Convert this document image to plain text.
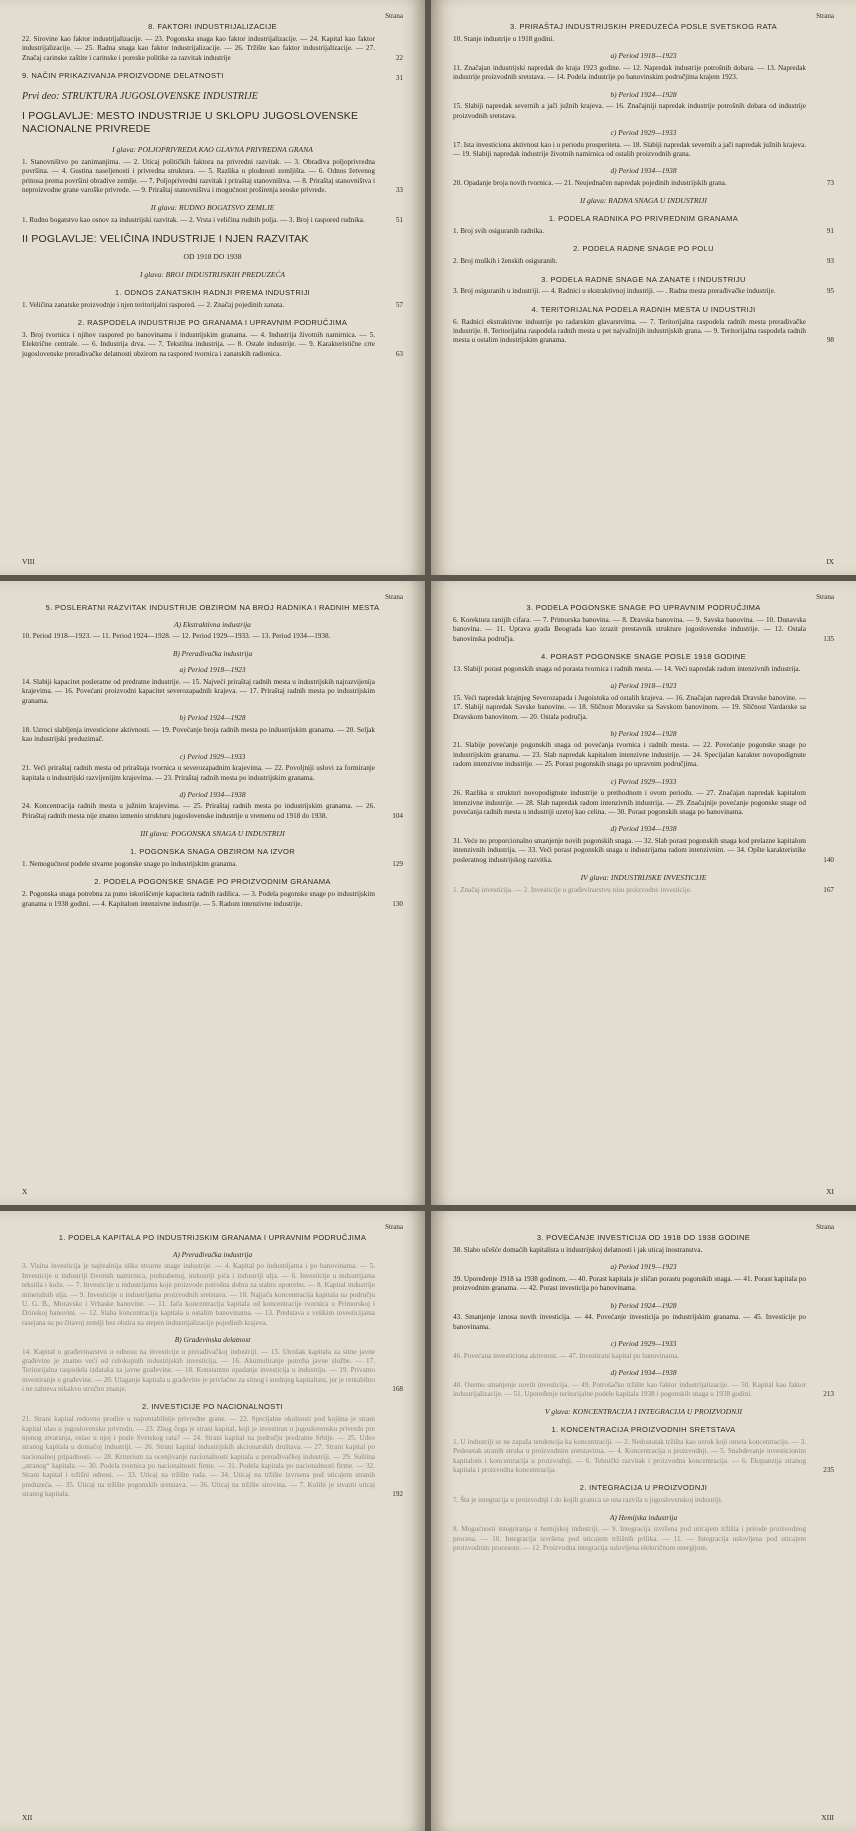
Strana
8. FAKTORI INDUSTRIJALIZACIJE
22. Sirovine kao faktor industrijalizacije. — 23. Pogonska snaga kao faktor industrijalizacije. — 24. Kapital kao faktor industrijalizacije. — 25. Radna snaga kao faktor industrijalizacije. — 26. Tržište kao faktor industrijalizacije. — 27. Značaj carinske zaštite i carinske i poreske politike za razvitak industrije	22
9. NAČIN PRIKAZIVANJA PROIZVODNE DELATNOSTI	31
Prvi deo: STRUKTURA JUGOSLOVENSKE INDUSTRIJE
I POGLAVLJE: MESTO INDUSTRIJE U SKLOPU JUGOSLOVENSKE NACIONALNE PRIVREDE
I glava: POLJOPRIVREDA KAO GLAVNA PRIVREDNA GRANA
1. Stanovništvo po zanimanjima. — 2. Uticaj političkih faktora na privredni razvitak. — 3. Obradiva poljoprivredna površina. — 4. Gustina naseljenosti i privredna struktura. — 5. Razlika u plodnosti zemljišta. — 6. Odnos žetvenog prinosa prema površini obradive zemlje. — 7. Poljoprivredni razvitak i priraštaj stanovništva. — 8. Priraštaj stanovništva i neproizvodne grane varoške privrede. — 9. Priraštaj stanovništva i mogućnost proširenja seoske privrede.	33
II glava: RUDNO BOGATSVO ZEMLJE
1. Rudno bogatstvo kao osnov za industrijski razvitak. — 2. Vrsta i veličina rudnih polja. — 3. Broj i raspored rudnika.	51
II POGLAVLJE: VELIČINA INDUSTRIJE I NJEN RAZVITAK
OD 1918 DO 1938
I glava: BROJ INDUSTRIJSKIH PREDUZEĆA
1. ODNOS ZANATSKIH RADNJI PREMA INDUSTRIJI
1. Veličina zanatske proizvodnje i njen teritorijalni raspored. — 2. Značaj pojedinih zanata.	57
2. RASPODELA INDUSTRIJE PO GRANAMA I UPRAVNIM PODRUČJIMA
3. Broj tvornica i njihov raspored po banovinama i industrijskim granama. — 4. Industrija životnih namirnica. — 5. Električne centrale. — 6. Industrija drva. — 7. Tekstilna industrija. — 8. Ostale industrije. — 9. Karakteristične crte jugoslovenske prerađivačke delatnosti obzirom na raspored tvornica i zanatskih radionica.	63
VIII
Strana
3. PRIRAŠTAJ INDUSTRIJSKIH PREDUZEĆA POSLE SVETSKOG RATA
10. Stanje industrije u 1918 godini.
a) Period 1918—1923
11. Značajan industrijski napredak do kraja 1923 godine. — 12. Napredak industrije potrošnih dobara. — 13. Napredak industrije proizvodnih sretstava. — 14. Podela industrije po banovinskim područjima krajem 1923.
b) Period 1924—1928
15. Slabiji napredak severnih a jači južnih krajeva. — 16. Značajniji napredak industrije potrošnih dobara od industrije proizvodnih sretstava.
c) Period 1929—1933
17. Ista investiciona aktivnost kao i u periodu prosperiteta. — 18. Slabiji napredak severnih a jači napredak južnih krajeva. — 19. Slabiji napredak industrije životnih namirnica od ostalih proizvodnih grana.
d) Period 1934—1938
20. Opadanje broja novih tvornica. — 21. Neujednačen napredak pojedinih industrijskih grana.	73
II glava: RADNA SNAGA U INDUSTRIJI
1. PODELA RADNIKA PO PRIVREDNIM GRANAMA
1. Broj svih osiguranih radnika.	91
2. PODELA RADNE SNAGE PO POLU
2. Broj muških i ženskih osiguranih.	93
3. PODELA RADNE SNAGE NA ZANATE I INDUSTRIJU
3. Broj osiguranih u industriji. — 4. Radnici u ekstraktivnoj industriji. — . Radna mesta prerađivačke industrije.	95
4. TERITORIJALNA PODELA RADNIH MESTA U INDUSTRIJI
6. Radnici ekstraktivne industrije po radarskim glavarstvima. — 7. Teritorijalna raspodela radnih mesta prerađivačke industrije. 8. Teritorijalna raspodela radnih mesta u pet najvažnijih industrijskih grana. — 9. Teritorijalna raspodela radnih mesta u ostalim industrijskim granama.	98
IX
Strana
5. POSLERATNI RAZVITAK INDUSTRIJE OBZIROM NA BROJ RADNIKA I RADNIH MESTA
A) Ekstraktivna industrija
10. Period 1918—1923. — 11. Period 1924—1928. — 12. Period 1929—1933. — 13. Period 1934—1938.
B) Prerađivačka industrija
a) Period 1918—1923
14. Slabiji kapacitet posleratne od predratne industrije. — 15. Najveći priraštaj radnih mesta u industrijskih najrazvijenija krajevima. — 16. Povećani proizvodni kapacitet severozapadnih krajeva. — 17. Priraštaj radnih mesta po industrijskim granama.
b) Period 1924—1928
18. Uzroci slabljenja investicione aktivnosti. — 19. Povećanje broja radnih mesta po industrijskim granama. — 20. Seljak kao industrijski preduzimač.
c) Period 1929—1933
21. Veći priraštaj radnih mesta od priraštaja tvornica u severozapadnim krajevima. — 22. Povoljniji uslovi za formiranje kapitala u industrijski razvijenijim krajevima. — 23. Priraštaj radnih mesta po industrijskim granama.
d) Period 1934—1938
24. Koncentracija radnih mesta u južnim krajevima. — 25. Priraštaj radnih mesta po industrijskim granama. — 26. Priraštaj radnih mesta nije znatno izmenio strukturu jugoslovenske industrije u vremenu od 1918 do 1938.	104
III glava: POGONSKA SNAGA U INDUSTRIJI
1. POGONSKA SNAGA OBZIROM NA IZVOR
1. Nemogućnost podele stvarne pogonske snage po industrijskim granama.	129
2. PODELA POGONSKE SNAGE PO PROIZVODNIM GRANAMA
2. Pogonska snaga potrebna za puno iskorišćenje kapaciteta radnih radilica. — 3. Podela pogonske snage po industrijskim granama u 1938 godini. — 4. Kapitalom intenzivne industrije. — 5. Radom intenzivne industrije.	130
X
Strana
3. PODELA POGONSKE SNAGE PO UPRAVNIM PODRUČJIMA
6. Korektura ranijih cifara. — 7. Primorska banovina. — 8. Dravska banovina. — 9. Savska banovina. — 10. Dunavska banovina. — 11. Uprava grada Beograda kao izrazit prestavnik strukture jugoslovenske industrije. — 12. Ostala banovinska područja.	135
4. PORAST POGONSKE SNAGE POSLE 1918 GODINE
13. Slabiji porast pogonskih snaga od porasta tvornica i radnih mesta. — 14. Veći napredak radom intenzivnih industrija.
a) Period 1918—1923
15. Veći napredak krajnjeg Severozapada i Jugoistoka od ostalih krajeva. — 16. Značajan napredak Dravske banovine. — 17. Slabiji napredak Savske banovine. — 18. Sličnost Moravske sa Savskom banovinom. — 19. Sličnost Vardarske sa Dravskom banovinom. — 20. Ostala područja.
b) Period 1924—1928
21. Slabije povećanje pogonskih snaga od povećanja tvornica i radnih mesta. — 22. Povećanje pogonske snage po industrijskim granama. — 23. Slab napredak kapitalom intenzivne industrije. — 24. Specijalan karakter novopodignute radom intenzivne industrije. — 25. Porast pogonskih snaga po upravnim područjima.
c) Period 1929—1933
26. Razlika u strukturi novopodignute industrije u prethodnom i ovom periodu. — 27. Značajan napredak kapitalom intenzivne industrije. — 28. Slab napredak radom intenzivnih industrija. — 29. Značajnije povećanje pogonske snage od povećanja radnih mesta u industriji uzetoj kao celina. — 30. Porast pogonskih snaga po banovinama.
d) Period 1934—1938
31. Veće no proporcionalno smanjenje novih pogonskih snaga. — 32. Slab porast pogonskih snaga kod prelazne kapitalom intenzivnih industrija. — 33. Veći porast pogonskih snaga u industrijama radom intenzivnim. — 34. Opšte karakteristike posleratnog industrijskog razvitka.	140
IV glava: INDUSTRIJSKE INVESTICIJE
1. Značaj investicija. — 2. Investicije u građevinarstvu nisu proizvodne investicije.	167
XI
Strana
1. PODELA KAPITALA PO INDUSTRIJSKIM GRANAMA I UPRAVNIM PODRUČJIMA
A) Prerađivačka industrija
3. Visina investicija je najrealnija slika stvarne snage industrije. — 4. Kapital po industrijama i po banovinama. — 5. Investicije u industriji životnih namirnica, prehrabenoj, industriji pića i industriji ulja. — 6. Investicije u industrijama tekstila i kože. — 7. Investicije u industrijama koje proizvode potrošna dobra za stalnu upotrebu. — 8. Kapital industrije mineralnih ulja. — 9. Investicije u industrijama proizvodnih sretstava. — 10. Najjača koncentracija kapitala na području U. G. B., Moravske i Vrbaske banovine. — 11. Jača koncentracija kapitala od koncentracije tvornica u Primorskoj i Drinskoj banovini. — 12. Slaba koncentracija kapitala u ostalim banovinama. — 13. Predstava s velikim investicijama rasejana su po čitavoj zemlji bez obzira na stepen industrijalizacije pojedinih krajeva.
B) Građevinska delatnost
14. Kapital u građevinarstvu u odnosu na investicije u prerađivačkoj industriji. — 15. Utrošak kapitala za sitne javne građevine je znatno veći od celokupnih industrijskih investicija. — 16. Akumuliranje potreba javne službe. — 17. Teritorijalna raspodela izdataka za javne građevine. — 18. Konstantno opadanje investicija u industriju. — 19. Privatno investiranje u građevine. — 20. Ulaganje kapitala u građevine je privlačno za sitnog i srednjeg kapitalistu, jer je rentabilno i ne zahteva nikakvo stručno znanje.	168
2. INVESTICIJE PO NACIONALNOSTI
21. Strani kapital redovno prodire u najrentabilnije privredne grane. — 22. Specijalne okolnosti pod kojima je strani kapital ulao u jugoslovensku privredu. — 23. Zbog čega je strani kapital, koji je investiran u jugoslovensku privredu pre njenog stvaranja, ostao u njoj i posle Svetskog rata? — 24. Strani kapital na području predratne Srbije. — 25. Udeo stranog kapitala u domaćoj industriji. — 26. Strani kapital industrijskih akcionarskih društava. — 27. Strani kapital po nacionalnoj pripadnosti. — 28. Kriterium za ocenjivanje nacionalnosti kapitala u prerađivačkoj industriji. — 29. Suština „stranog“ kapitala. — 30. Podela tvornica po nacionalnosti firme. — 31. Podela kapitala po nacionalnosti firme. — 32. Strani kapital i tržišni odnosi. — 33. Uticaj na tržište rada. — 34. Uticaj na tržište izvrsena pod uticajem stranih preduzeća. — 35. Uticaj na tržište pogonskih sretstava. — 36. Uticaj na tržište sirovina. — 7. Kolihi je stvarni uticaj stranog kapitala.	192
XII
Strana
3. POVEĆANJE INVESTICIJA OD 1918 DO 1938 GODINE
38. Slabo učešće domaćih kapitalista u industrijskoj delatnosti i jak uticaj inostranstva.
a) Period 1919—1923
39. Upoređenje 1918 sa 1938 godinom. — 40. Porast kapitala je sličan porastu pogonskih snaga. — 41. Porast kapitala po proizvodnim granama. — 42. Porast investicija po banovinama.
b) Period 1924—1928
43. Smanjenje iznosa novih investicija. — 44. Povećanje investicija po industrijskim granama. — 45. Investicije po banovinama.
c) Period 1929—1933
46. Povećana investiciona aktivnost. — 47. Investirani kapital po banovinama.
d) Period 1934—1938
48. Osetno smanjenje novih investicija. — 49. Potrošačko tržište kao faktor industrijalizacije. — 50. Kapital kao faktor industrijalizacije. — 51. Upoređenje teritorijalne podele kapitala 1938 i pogonskih snaga u 1938 godini.	213
V glava: KONCENTRACIJA I INTEGRACIJA U PROIZVODNJI
1. KONCENTRACIJA PROIZVODNIH SRETSTAVA
1. U industriji se ne zapaža tendencija ka koncentraciji. — 2. Nedostatak tržišta kao uzrok koji ometa koncentraciju. — 3. Pedesetak stranih struka u proizvodnim sretstavima. — 4. Koncentracija u proizvodnji. — 5. Snabdevanje investicionim kapitalom i koncentracija u proizvodnji. — 6. Tehnički razvitak i proizvodna koncentracija. — 6. Ekspanzija stranog kapitala i proizvodna koncentracija.	235
2. INTEGRACIJA U PROIZVODNJI
7. Šta je integracija u proizvodnji i do kojih granica se ona razvila u jugoslovenskoj industriji.
A) Hemijska industrija
8. Mogućnosti integriranja u hemijskoj industriji. — 9. Integracija izvršena pod uticajem tržišta i prirode proizvodnog procesa. — 10. Integracija izvršena pod uticajem tržišnih prilika. — 11. — Integracija uslovljena pod uticajem proizvodnim procesom. — 12. Proizvodna integracija uslovljena električnom energijom.
XIII
